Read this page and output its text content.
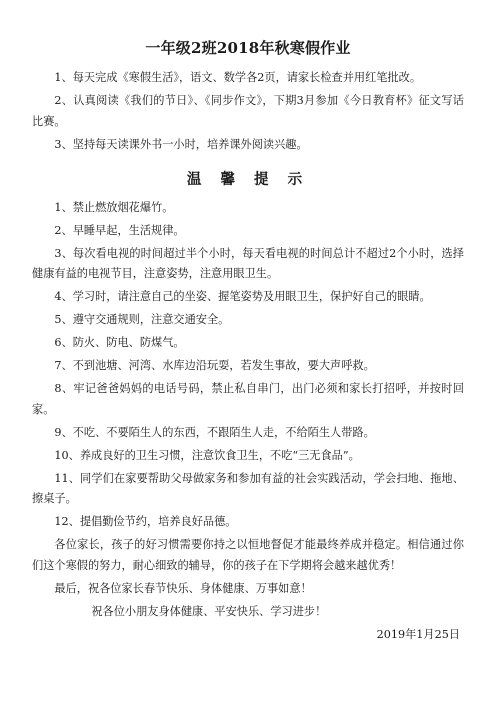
一年级2班2018年秋寒假作业

1、每天完成《寒假生活》，语文、数学各2页，请家长检查并用红笔批改。

2、认真阅读《我们的节日》、《同步作文》，下期3月参加《今日教育杯》征文写话比赛。

3、坚持每天读课外书一小时，培养课外阅读兴趣。

温 馨 提 示

1、禁止燃放烟花爆竹。

2、早睡早起，生活规律。

3、每次看电视的时间超过半个小时，每天看电视的时间总计不超过2个小时，选择健康有益的电视节目，注意姿势，注意用眼卫生。

4、学习时，请注意自己的坐姿、握笔姿势及用眼卫生，保护好自己的眼睛。

5、遵守交通规则，注意交通安全。

6、防火、防电、防煤气。

7、不到池塘、河湾、水库边沿玩耍，若发生事故，要大声呼救。

8、牢记爸爸妈妈的电话号码，禁止私自串门，出门必须和家长打招呼，并按时回家。

9、不吃、不要陌生人的东西，不跟陌生人走，不给陌生人带路。

10、养成良好的卫生习惯，注意饮食卫生，不吃“三无食品”。

11、同学们在家要帮助父母做家务和参加有益的社会实践活动，学会扫地、拖地、擦桌子。

12、提倡勤俭节约，培养良好品德。

各位家长，孩子的好习惯需要你持之以恒地督促才能最终养成并稳定。相信通过你们这个寒假的努力，耐心细致的辅导，你的孩子在下学期将会越来越优秀！

最后，祝各位家长春节快乐、身体健康、万事如意！

祝各位小朋友身体健康、平安快乐、学习进步！

2019年1月25日
